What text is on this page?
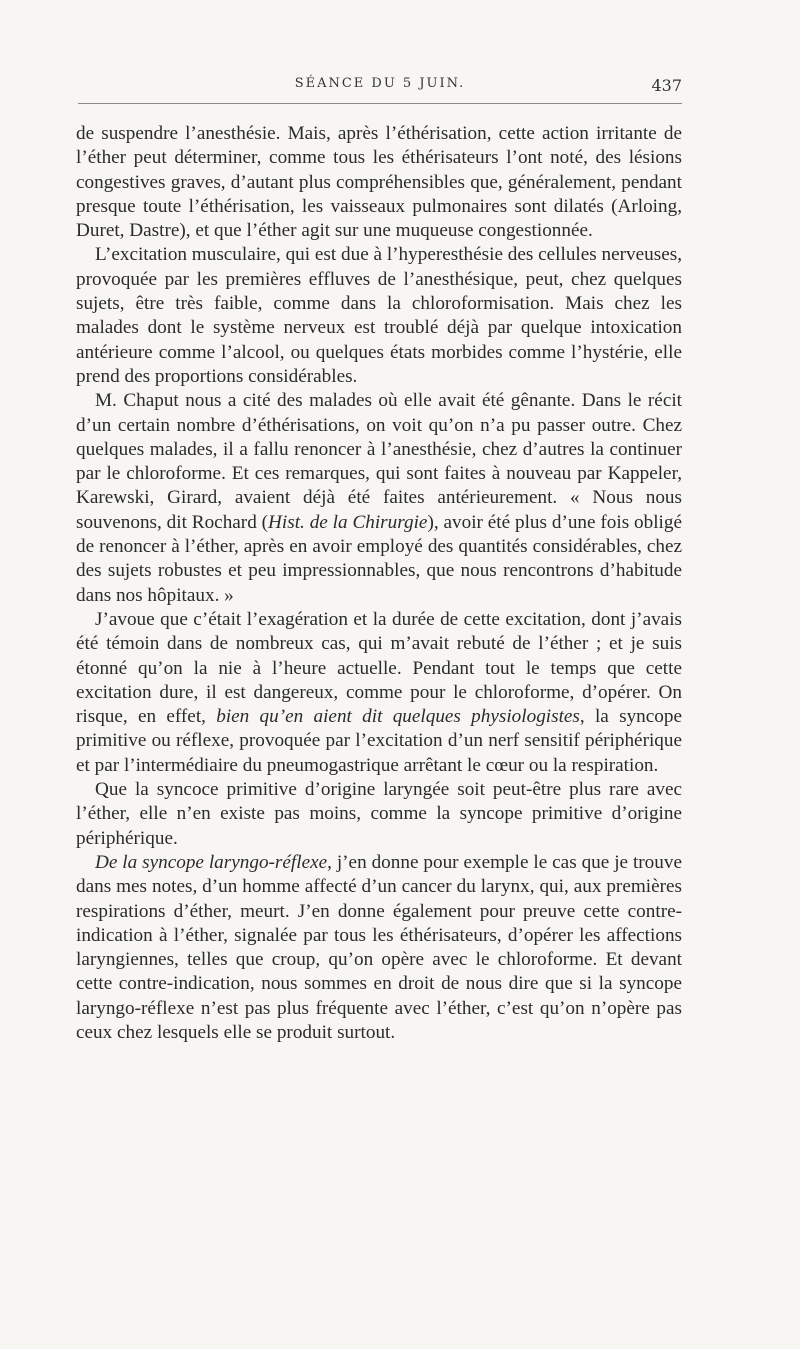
SÉANCE DU 5 JUIN.	437

de suspendre l’anesthésie. Mais, après l’éthérisation, cette action irritante de l’éther peut déterminer, comme tous les éthérisateurs l’ont noté, des lésions congestives graves, d’autant plus compréhensibles que, généralement, pendant presque toute l’éthérisation, les vaisseaux pulmonaires sont dilatés (Arloing, Duret, Dastre), et que l’éther agit sur une muqueuse congestionnée.

L’excitation musculaire, qui est due à l’hyperesthésie des cellules nerveuses, provoquée par les premières effluves de l’anesthésique, peut, chez quelques sujets, être très faible, comme dans la chloroformisation. Mais chez les malades dont le système nerveux est troublé déjà par quelque intoxication antérieure comme l’alcool, ou quelques états morbides comme l’hystérie, elle prend des proportions considérables.

M. Chaput nous a cité des malades où elle avait été gênante. Dans le récit d’un certain nombre d’éthérisations, on voit qu’on n’a pu passer outre. Chez quelques malades, il a fallu renoncer à l’anesthésie, chez d’autres la continuer par le chloroforme. Et ces remarques, qui sont faites à nouveau par Kappeler, Karewski, Girard, avaient déjà été faites antérieurement. « Nous nous souvenons, dit Rochard (Hist. de la Chirurgie), avoir été plus d’une fois obligé de renoncer à l’éther, après en avoir employé des quantités considérables, chez des sujets robustes et peu impressionnables, que nous rencontrons d’habitude dans nos hôpitaux. »

J’avoue que c’était l’exagération et la durée de cette excitation, dont j’avais été témoin dans de nombreux cas, qui m’avait rebuté de l’éther ; et je suis étonné qu’on la nie à l’heure actuelle. Pendant tout le temps que cette excitation dure, il est dangereux, comme pour le chloroforme, d’opérer. On risque, en effet, bien qu’en aient dit quelques physiologistes, la syncope primitive ou réflexe, provoquée par l’excitation d’un nerf sensitif périphérique et par l’intermédiaire du pneumogastrique arrêtant le cœur ou la respiration.

Que la syncoce primitive d’origine laryngée soit peut-être plus rare avec l’éther, elle n’en existe pas moins, comme la syncope primitive d’origine périphérique.

De la syncope laryngo-réflexe, j’en donne pour exemple le cas que je trouve dans mes notes, d’un homme affecté d’un cancer du larynx, qui, aux premières respirations d’éther, meurt. J’en donne également pour preuve cette contre-indication à l’éther, signalée par tous les éthérisateurs, d’opérer les affections laryngiennes, telles que croup, qu’on opère avec le chloroforme. Et devant cette contre-indication, nous sommes en droit de nous dire que si la syncope laryngo-réflexe n’est pas plus fréquente avec l’éther, c’est qu’on n’opère pas ceux chez lesquels elle se produit surtout.
